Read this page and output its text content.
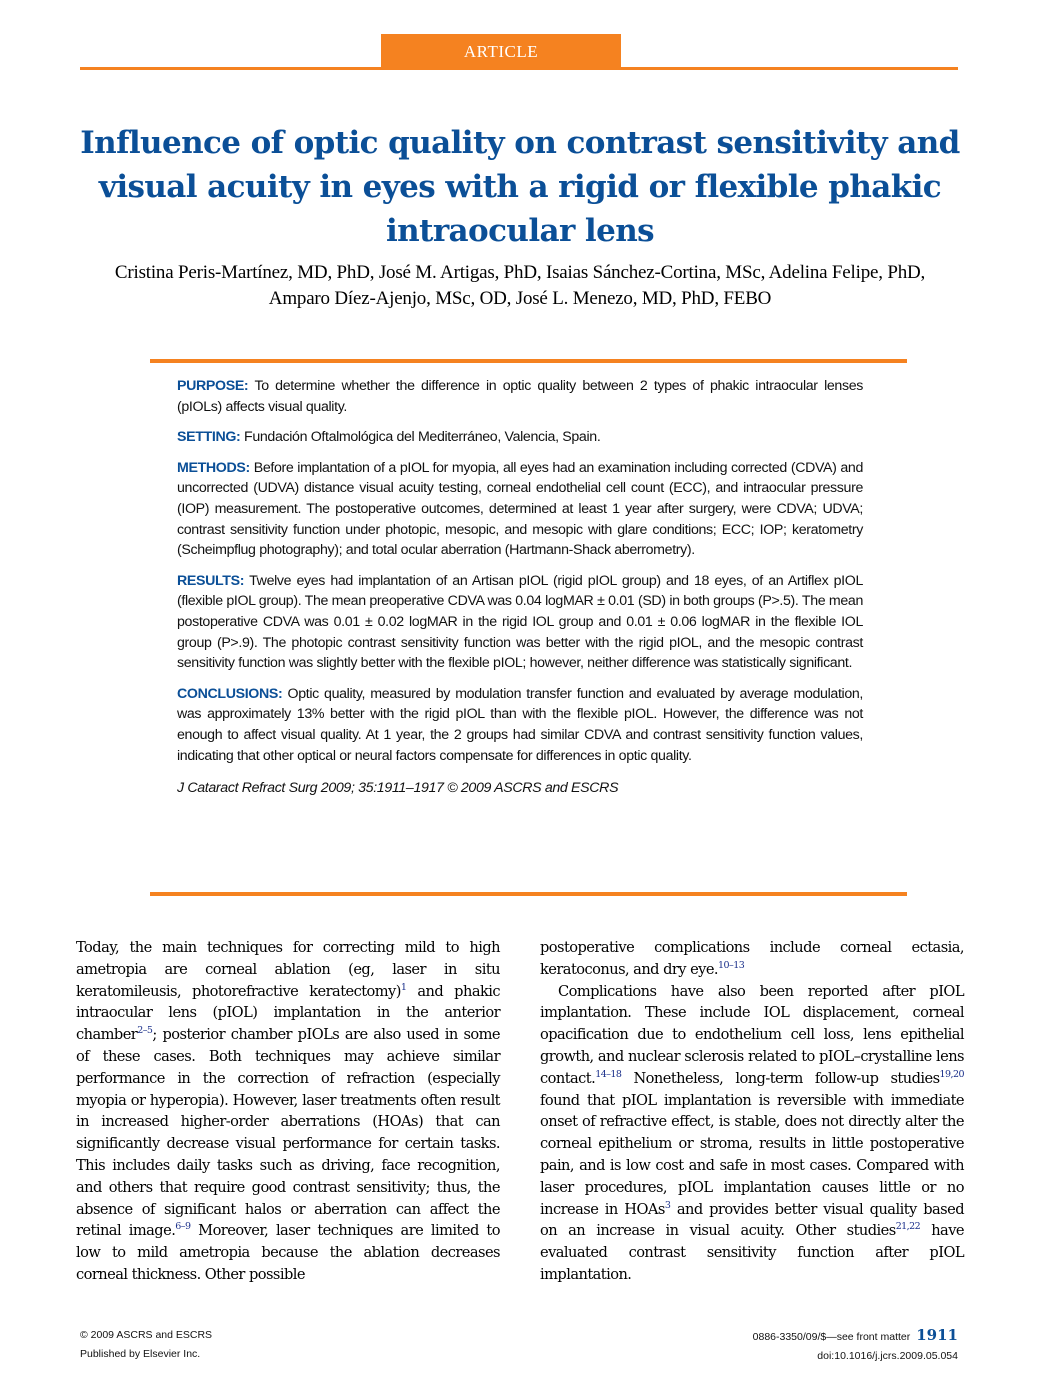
ARTICLE
Influence of optic quality on contrast sensitivity and visual acuity in eyes with a rigid or flexible phakic intraocular lens
Cristina Peris-Martínez, MD, PhD, José M. Artigas, PhD, Isaias Sánchez-Cortina, MSc, Adelina Felipe, PhD, Amparo Díez-Ajenjo, MSc, OD, José L. Menezo, MD, PhD, FEBO

PURPOSE: To determine whether the difference in optic quality between 2 types of phakic intraocular lenses (pIOLs) affects visual quality.

SETTING: Fundación Oftalmológica del Mediterráneo, Valencia, Spain.

METHODS: Before implantation of a pIOL for myopia, all eyes had an examination including corrected (CDVA) and uncorrected (UDVA) distance visual acuity testing, corneal endothelial cell count (ECC), and intraocular pressure (IOP) measurement. The postoperative outcomes, determined at least 1 year after surgery, were CDVA; UDVA; contrast sensitivity function under photopic, mesopic, and mesopic with glare conditions; ECC; IOP; keratometry (Scheimpflug photography); and total ocular aberration (Hartmann-Shack aberrometry).

RESULTS: Twelve eyes had implantation of an Artisan pIOL (rigid pIOL group) and 18 eyes, of an Artiflex pIOL (flexible pIOL group). The mean preoperative CDVA was 0.04 logMAR ± 0.01 (SD) in both groups (P>.5). The mean postoperative CDVA was 0.01 ± 0.02 logMAR in the rigid IOL group and 0.01 ± 0.06 logMAR in the flexible IOL group (P>.9). The photopic contrast sensitivity function was better with the rigid pIOL, and the mesopic contrast sensitivity function was slightly better with the flexible pIOL; however, neither difference was statistically significant.

CONCLUSIONS: Optic quality, measured by modulation transfer function and evaluated by average modulation, was approximately 13% better with the rigid pIOL than with the flexible pIOL. However, the difference was not enough to affect visual quality. At 1 year, the 2 groups had similar CDVA and contrast sensitivity function values, indicating that other optical or neural factors compensate for differences in optic quality.

J Cataract Refract Surg 2009; 35:1911–1917 © 2009 ASCRS and ESCRS

Today, the main techniques for correcting mild to high ametropia are corneal ablation (eg, laser in situ keratomileusis, photorefractive keratectomy)$^1$ and phakic intraocular lens (pIOL) implantation in the anterior chamber$^{2-5}$; posterior chamber pIOLs are also used in some of these cases. Both techniques may achieve similar performance in the correction of refraction (especially myopia or hyperopia). However, laser treatments often result in increased higher-order aberrations (HOAs) that can significantly decrease visual performance for certain tasks. This includes daily tasks such as driving, face recognition, and others that require good contrast sensitivity; thus, the absence of significant halos or aberration can affect the retinal image.$^{6-9}$ Moreover, laser techniques are limited to low to mild ametropia because the ablation decreases corneal thickness. Other possible

postoperative complications include corneal ectasia, keratoconus, and dry eye.$^{10-13}$

Complications have also been reported after pIOL implantation. These include IOL displacement, corneal opacification due to endothelium cell loss, lens epithelial growth, and nuclear sclerosis related to pIOL–crystalline lens contact.$^{14-18}$ Nonetheless, long-term follow-up studies$^{19,20}$ found that pIOL implantation is reversible with immediate onset of refractive effect, is stable, does not directly alter the corneal epithelium or stroma, results in little postoperative pain, and is low cost and safe in most cases. Compared with laser procedures, pIOL implantation causes little or no increase in HOAs$^3$ and provides better visual quality based on an increase in visual acuity. Other studies$^{21,22}$ have evaluated contrast sensitivity function after pIOL implantation.

© 2009 ASCRS and ESCRS
Published by Elsevier Inc.
0886-3350/09/$—see front matter 1911
doi:10.1016/j.jcrs.2009.05.054
